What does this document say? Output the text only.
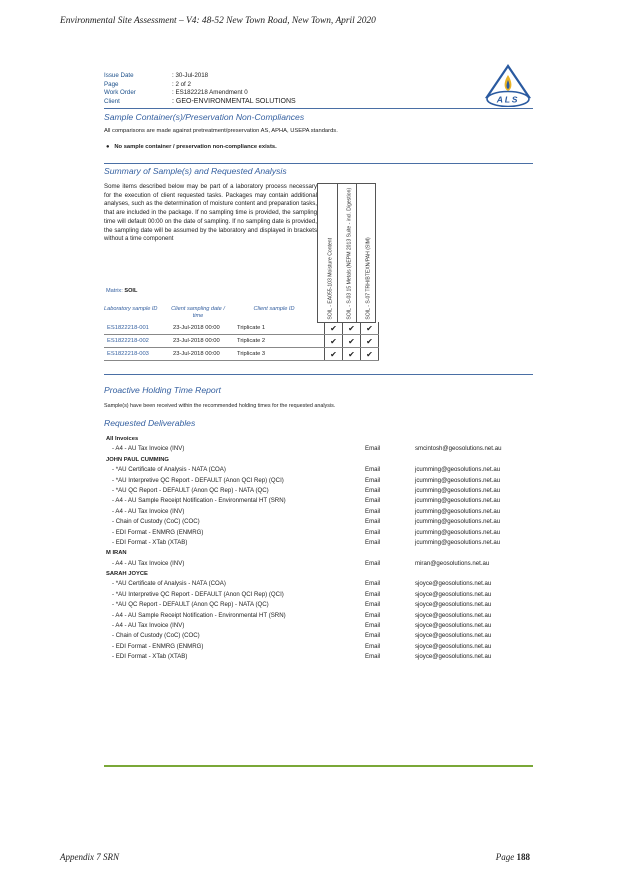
Environmental Site Assessment – V4: 48-52 New Town Road, New Town, April 2020
Issue Date	: 30-Jul-2018
Page	: 2 of 2
Work Order	: ES1822218 Amendment 0
Client	: GEO-ENVIRONMENTAL SOLUTIONS	ALS
Sample Container(s)/Preservation Non-Compliances
All comparisons are made against pretreatment/preservation AS, APHA, USEPA standards.
● No sample container / preservation non-compliance exists.
Summary of Sample(s) and Requested Analysis
Some items described below may be part of a laboratory process necessary for the execution of client requested tasks. Packages may contain additional analyses, such as the determination of moisture content and preparation tasks, that are included in the package. If no sampling time is provided, the sampling time will default 00:00 on the date of sampling. If no sampling date is provided, the sampling date will be assumed by the laboratory and displayed in brackets without a time component
Matrix: SOIL
Laboratory sample ID	Client sampling date / time
Client sample ID	SOIL - EA055-103 Moisture Content	SOIL - S-03 15 Metals (NEPM 2013 Suite - incl. Digestion)	SOIL - S-07 TRH/BTEXN/PAH (SIM)
ES1822218-001	23-Jul-2018 00:00	Triplicate 1	✔	✔	✔
ES1822218-002	23-Jul-2018 00:00	Triplicate 2	✔	✔	✔
ES1822218-003	23-Jul-2018 00:00	Triplicate 3	✔	✔	✔
Proactive Holding Time Report
Sample(s) have been received within the recommended holding times for the requested analysis.
Requested Deliverables
All Invoices
- A4 - AU Tax Invoice (INV)	Email	smcintosh@geosolutions.net.au
JOHN PAUL CUMMING
- *AU Certificate of Analysis - NATA (COA)	Email	jcumming@geosolutions.net.au
- *AU Interpretive QC Report - DEFAULT (Anon QCI Rep) (QCI)	Email	jcumming@geosolutions.net.au
- *AU QC Report - DEFAULT (Anon QC Rep) - NATA (QC)	Email	jcumming@geosolutions.net.au
- A4 - AU Sample Receipt Notification - Environmental HT (SRN)	Email	jcumming@geosolutions.net.au
- A4 - AU Tax Invoice (INV)	Email	jcumming@geosolutions.net.au
- Chain of Custody (CoC) (COC)	Email	jcumming@geosolutions.net.au
- EDI Format - ENMRG (ENMRG)	Email	jcumming@geosolutions.net.au
- EDI Format - XTab (XTAB)	Email	jcumming@geosolutions.net.au
M IRAN
- A4 - AU Tax Invoice (INV)	Email	miran@geosolutions.net.au
SARAH JOYCE
- *AU Certificate of Analysis - NATA (COA)	Email	sjoyce@geosolutions.net.au
- *AU Interpretive QC Report - DEFAULT (Anon QCI Rep) (QCI)	Email	sjoyce@geosolutions.net.au
- *AU QC Report - DEFAULT (Anon QC Rep) - NATA (QC)	Email	sjoyce@geosolutions.net.au
- A4 - AU Sample Receipt Notification - Environmental HT (SRN)	Email	sjoyce@geosolutions.net.au
- A4 - AU Tax Invoice (INV)	Email	sjoyce@geosolutions.net.au
- Chain of Custody (CoC) (COC)	Email	sjoyce@geosolutions.net.au
- EDI Format - ENMRG (ENMRG)	Email	sjoyce@geosolutions.net.au
- EDI Format - XTab (XTAB)	Email	sjoyce@geosolutions.net.au
Appendix 7 SRN	Page 188
